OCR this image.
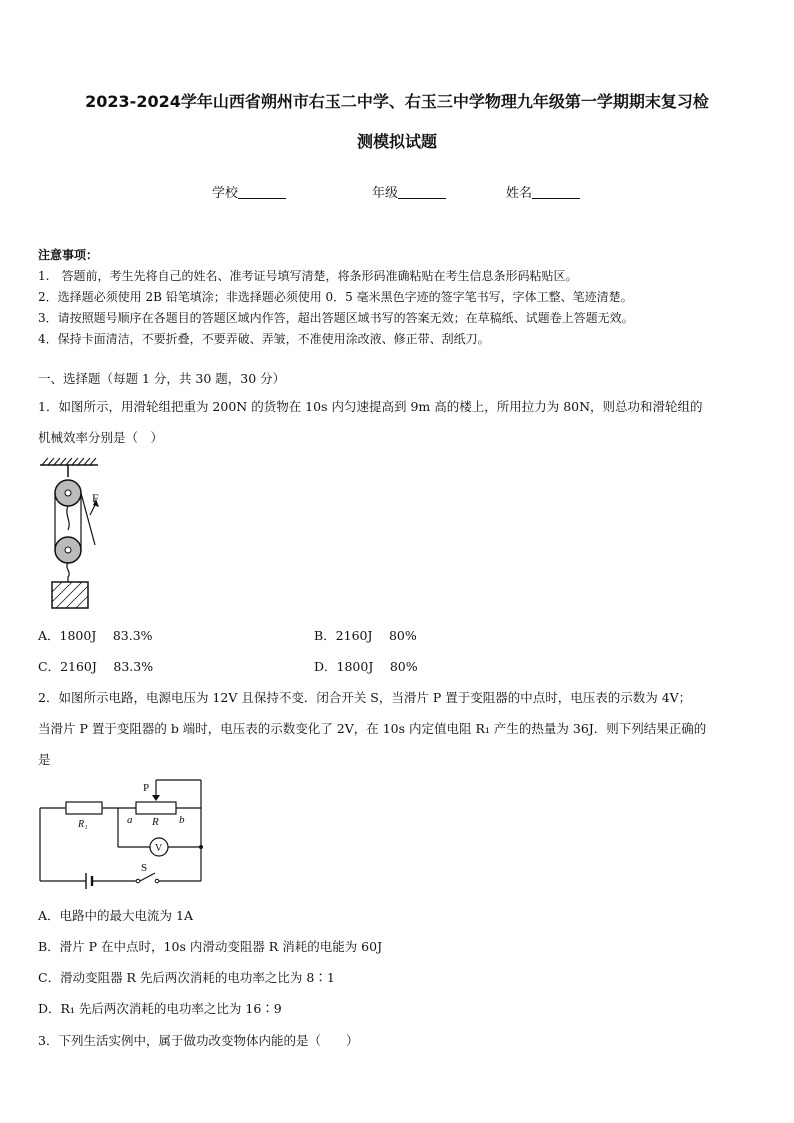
2023-2024学年山西省朔州市右玉二中学、右玉三中学物理九年级第一学期期末复习检
测模拟试题
学校	年级	姓名
注意事项：
1.　答题前，考生先将自己的姓名、准考证号填写清楚，将条形码准确粘贴在考生信息条形码粘贴区。
2．选择题必须使用 2B 铅笔填涂；非选择题必须使用 0．5 毫米黑色字迹的签字笔书写，字体工整、笔迹清楚。
3．请按照题号顺序在各题目的答题区域内作答，超出答题区域书写的答案无效；在草稿纸、试题卷上答题无效。
4．保持卡面清洁，不要折叠，不要弄破、弄皱，不准使用涂改液、修正带、刮纸刀。
一、选择题（每题 1 分，共 30 题，30 分）
1．如图所示，用滑轮组把重为 200N 的货物在 10s 内匀速提高到 9m 高的楼上，所用拉力为 80N，则总功和滑轮组的
机械效率分别是（　）
F
A．1800J　 83.3%	B．2160J　 80%
C．2160J　 83.3%	D．1800J　 80%
2．如图所示电路，电源电压为 12V 且保持不变．闭合开关 S，当滑片 P 置于变阻器的中点时，电压表的示数为 4V；
当滑片 P 置于变阻器的 b 端时，电压表的示数变化了 2V，在 10s 内定值电阻 R₁ 产生的热量为 36J．则下列结果正确的
是
P
R₁	a R b
V
S
A．电路中的最大电流为 1A
B．滑片 P 在中点时，10s 内滑动变阻器 R 消耗的电能为 60J
C．滑动变阻器 R 先后两次消耗的电功率之比为 8∶1
D．R₁ 先后两次消耗的电功率之比为 16∶9
3．下列生活实例中，属于做功改变物体内能的是（　　）
